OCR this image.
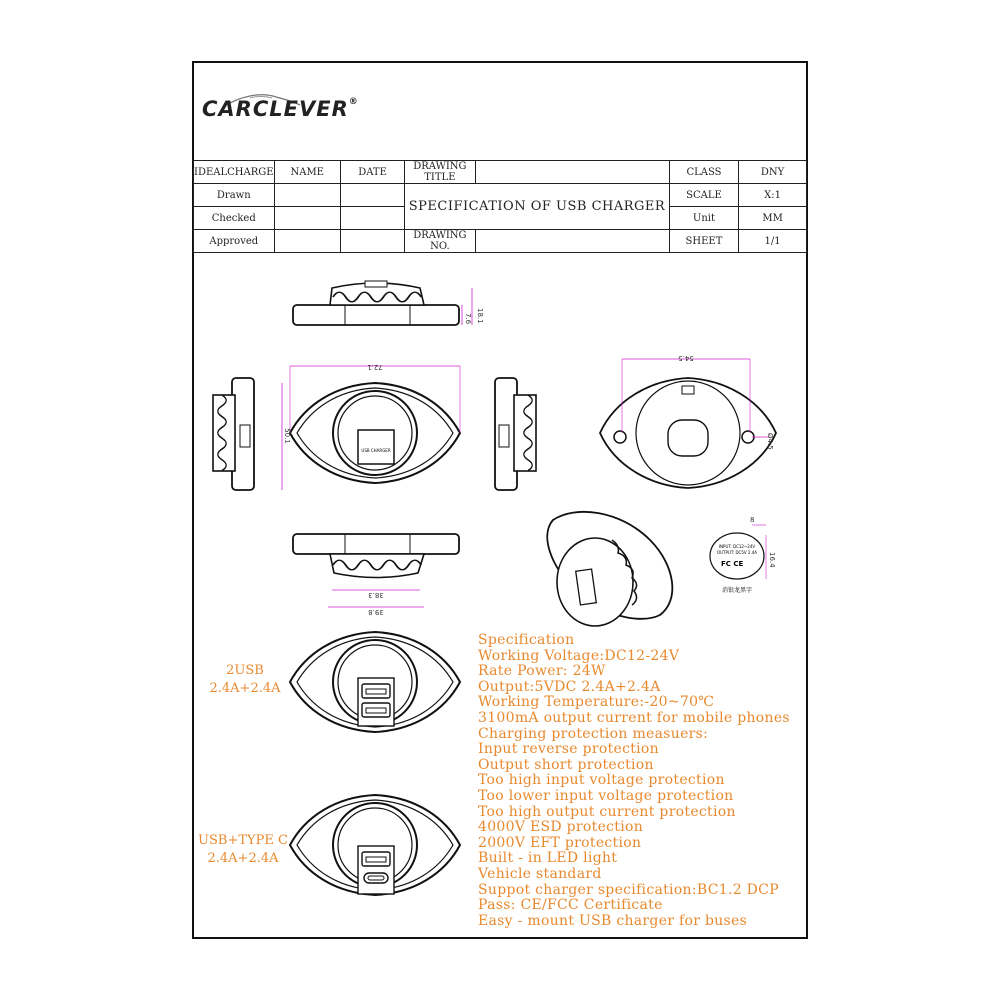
CARCLEVER®
IDEALCHARGE	NAME	DATE	DRAWING TITLE		CLASS	DNY
Drawn			SPECIFICATION OF USB CHARGER		SCALE	X:1
Checked					Unit	MM
Approved			DRAWING NO.		SHEET	1/1
18.1
7.6
USB CHARGER
72.1
50.1
54.5
Ø4.5
38.3
39.8
INPUT: DC12~24V
OUTPUT: DC5V 2.4A
FC CE
消银龙黑字
8
16.4
2USB
2.4A+2.4A
USB+TYPE C
2.4A+2.4A
Specification
Working Voltage:DC12-24V
Rate Power: 24W
Output:5VDC 2.4A+2.4A
Working Temperature:-20~70℃
3100mA output current for mobile phones
Charging protection measuers:
Input reverse protection
Output short protection
Too high input voltage protection
Too lower input voltage protection
Too high output current protection
4000V ESD protection
2000V EFT protection
Built - in LED light
Vehicle standard
Suppot charger specification:BC1.2 DCP
Pass: CE/FCC Certificate
Easy - mount USB charger for buses
